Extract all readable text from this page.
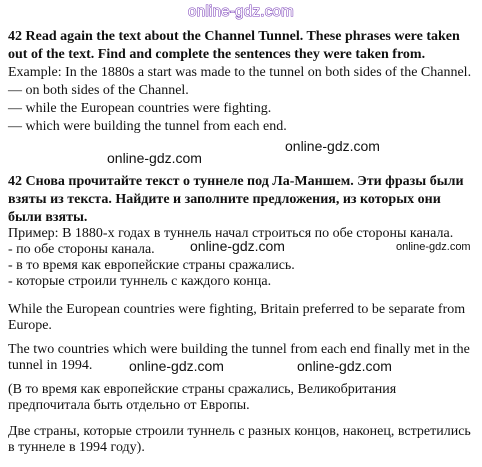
online-gdz.com
42 Read again the text about the Channel Tunnel. These phrases were taken
out of the text. Find and complete the sentences they were taken from.
Example: In the 1880s a start was made to the tunnel on both sides of the Channel.
— on both sides of the Channel.
— while the European countries were fighting.
— which were building the tunnel from each end.
online-gdz.com
online-gdz.com
42 Снова прочитайте текст о туннеле под Ла-Маншем. Эти фразы были
взяты из текста. Найдите и заполните предложения, из которых они
были взяты.
Пример: В 1880-х годах в туннель начал строиться по обе стороны канала.
- по обе стороны канала.
- в то время как европейские страны сражались.
- которые строили туннель с каждого конца.
online-gdz.com	online-gdz.com
While the European countries were fighting, Britain preferred to be separate from
Europe.
The two countries which were building the tunnel from each end finally met in the
tunnel in 1994.	online-gdz.com	online-gdz.com
(В то время как европейские страны сражались, Великобритания
предпочитала быть отдельно от Европы.
Две страны, которые строили туннель с разных концов, наконец, встретились
в туннеле в 1994 году).
